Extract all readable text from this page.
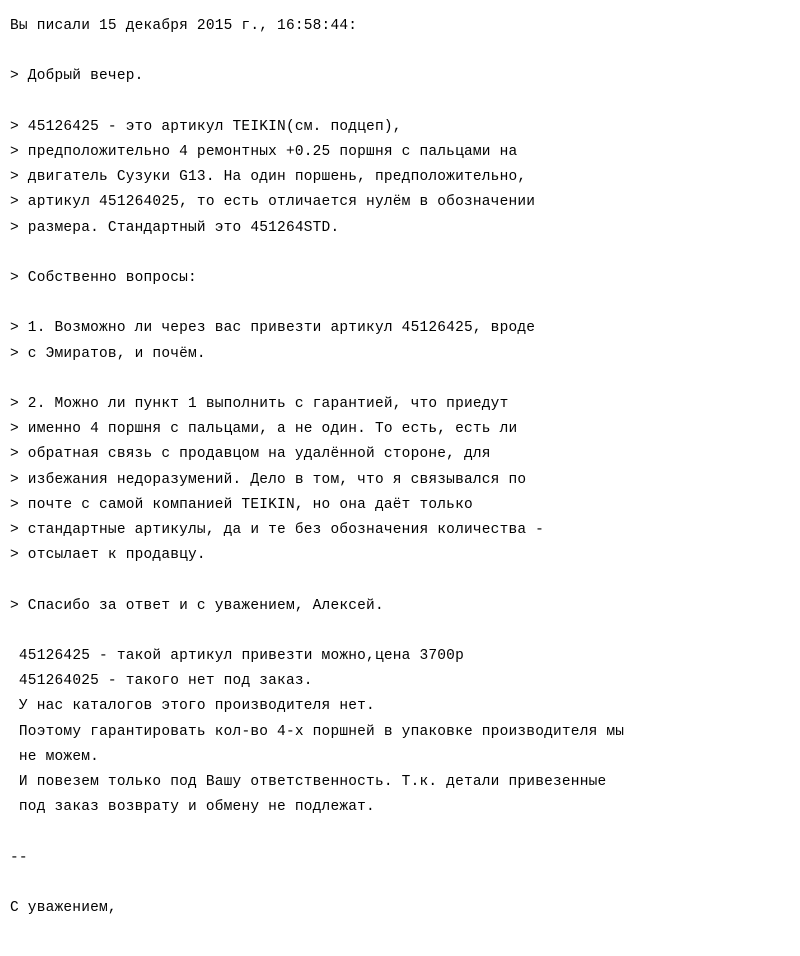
Вы писали 15 декабря 2015 г., 16:58:44:
> Добрый вечер.
> 45126425 - это артикул TEIKIN(см. подцеп),
> предположительно 4 ремонтных +0.25 поршня с пальцами на
> двигатель Сузуки G13. На один поршень, предположительно,
> артикул 451264025, то есть отличается нулём в обозначении
> размера. Стандартный это 451264STD.
> Собственно вопросы:
> 1. Возможно ли через вас привезти артикул 45126425, вроде
> с Эмиратов, и почём.
> 2. Можно ли пункт 1 выполнить с гарантией, что приедут
> именно 4 поршня с пальцами, а не один. То есть, есть ли
> обратная связь с продавцом на удалённой стороне, для
> избежания недоразумений. Дело в том, что я связывался по
> почте с самой компанией TEIKIN, но она даёт только
> стандартные артикулы, да и те без обозначения количества -
> отсылает к продавцу.
> Спасибо за ответ и с уважением, Алексей.
45126425 - такой артикул привезти можно,цена 3700р
451264025 - такого нет под заказ.
У нас каталогов этого производителя нет.
Поэтому гарантировать кол-во 4-х поршней в упаковке производителя мы
не можем.
И повезем только под Вашу ответственность. Т.к. детали привезенные
под заказ возврату и обмену не подлежат.
--
С уважением,
